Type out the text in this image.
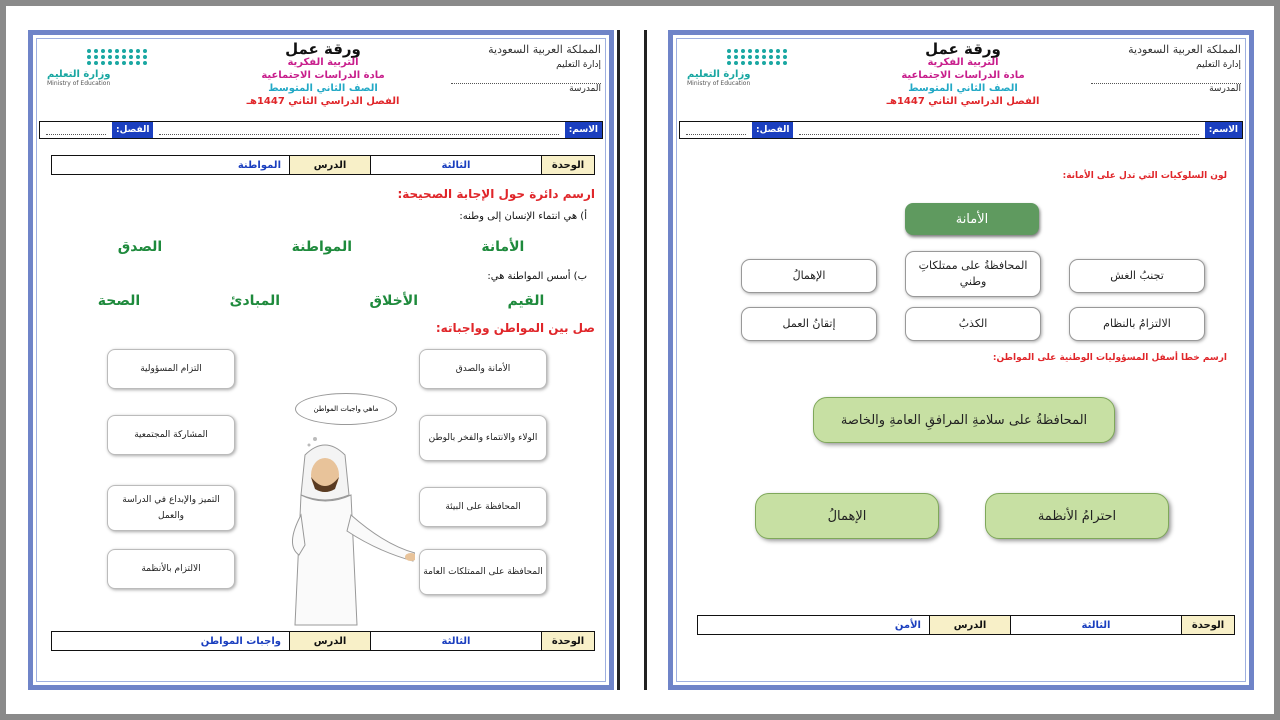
المملكة العربية السعودية
إدارة التعليم
المدرسة
ورقة عمل
التربية الفكرية
مادة الدراسات الاجتماعية
الصف الثاني المتوسط
الفصل الدراسي الثاني 1447هـ
وزارة التعليم
Ministry of Education
الاسم:
الفصل:
الوحدة
الثالثة
الدرس
المواطنة
ارسم دائرة حول الإجابة الصحيحة:
أ) هي انتماء الإنسان إلى وطنه:
الأمانة
المواطنة
الصدق
ب) أسس المواطنة هي:
القيم
الأخلاق
المبادئ
الصحة
صل بين المواطن وواجباته:
الأمانة والصدق
الولاء والانتماء والفخر بالوطن
المحافظة على البيئة
المحافظة على الممتلكات العامة
التزام المسؤولية
المشاركة المجتمعية
التميز والإبداع في الدراسة والعمل
الالتزام بالأنظمة
ماهي واجبات المواطن
الوحدة
الثالثة
الدرس
واجبات المواطن
المملكة العربية السعودية
إدارة التعليم
المدرسة
ورقة عمل
التربية الفكرية
مادة الدراسات الاجتماعية
الصف الثاني المتوسط
الفصل الدراسي الثاني 1447هـ
وزارة التعليم
Ministry of Education
الاسم:
الفصل:
لون السلوكيات التي تدل على الأمانة:
الأمانة
تجنبُ الغش
المحافظةُ على ممتلكاتِ وطني
الإهمالُ
الالتزامُ بالنظام
الكذبُ
إتقانُ العمل
ارسم خطا أسفل المسؤوليات الوطنية على المواطن:
المحافظةُ على سلامةِ المرافقِ العامةِ والخاصة
احترامُ الأنظمة
الإهمالُ
الوحدة
الثالثة
الدرس
الأمن
